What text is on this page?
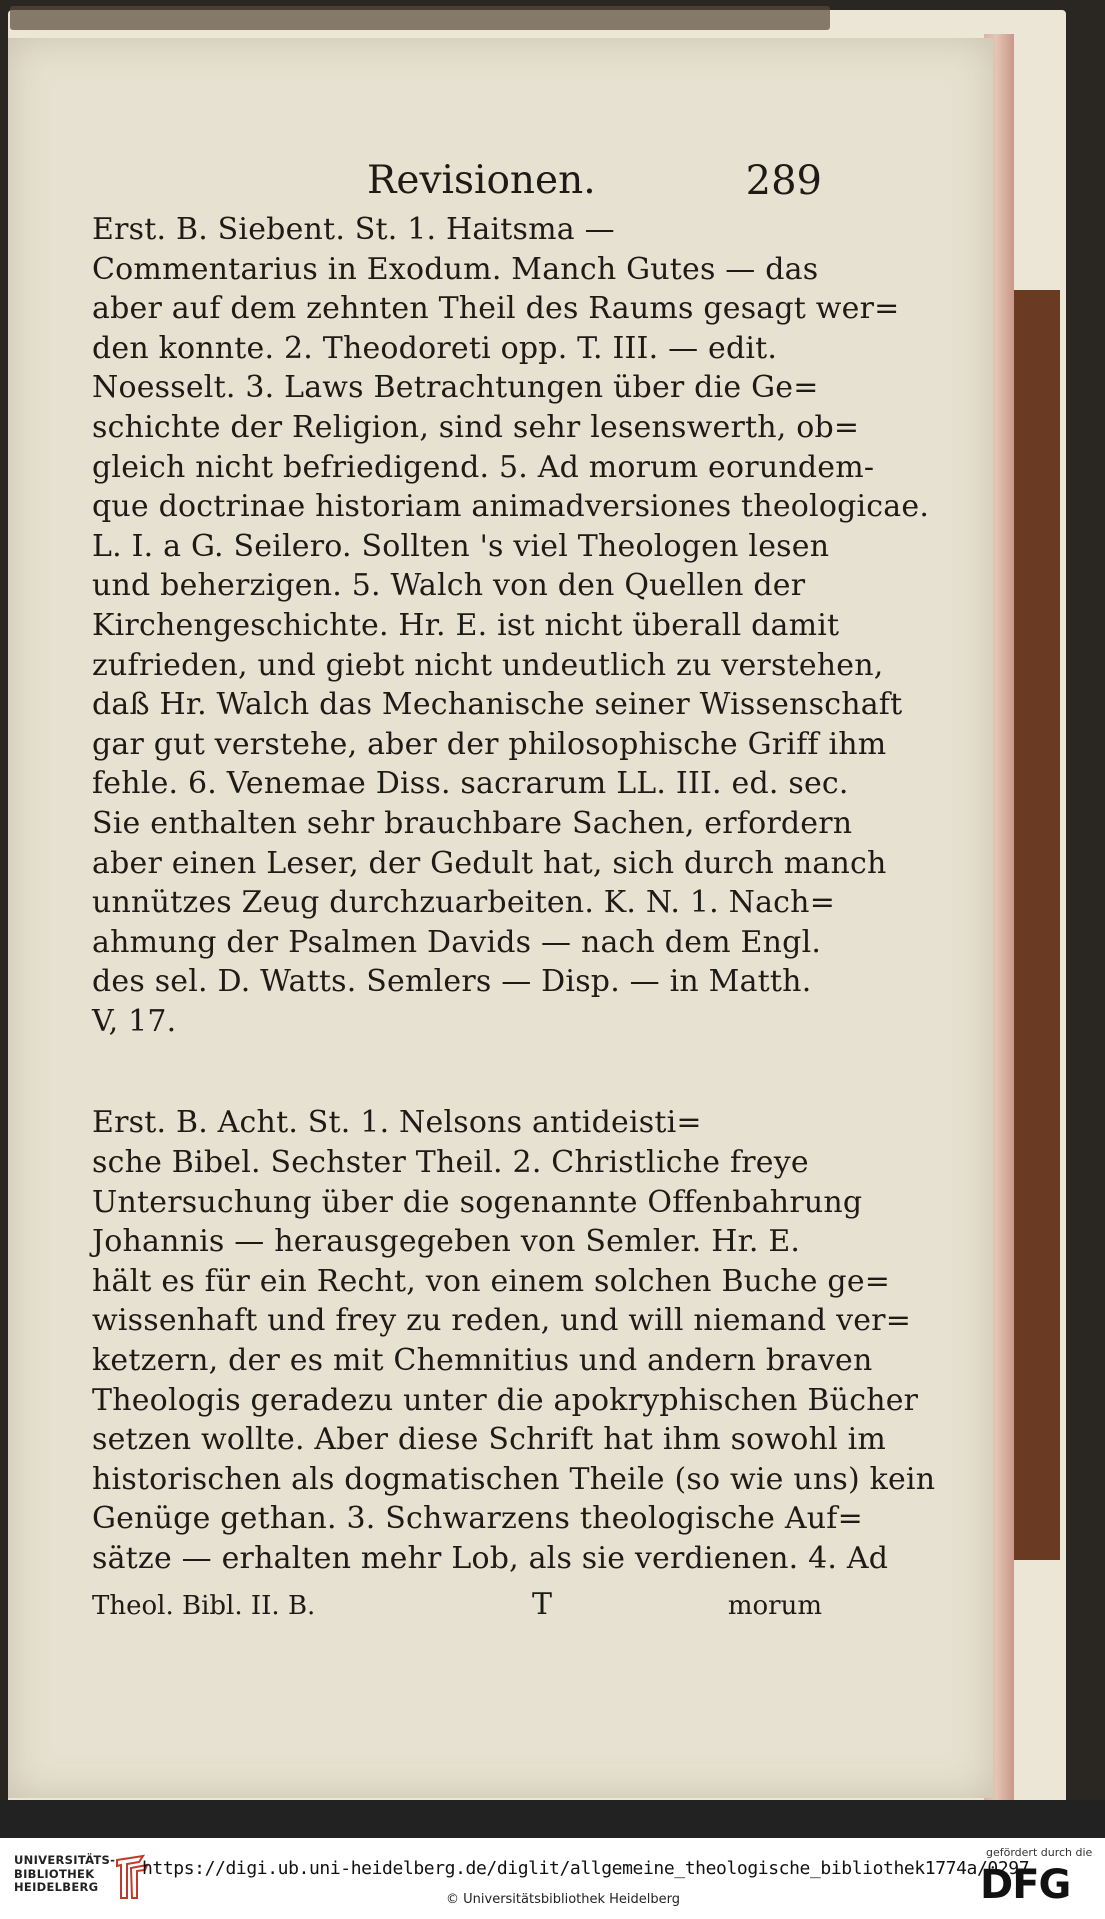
Revisionen.	289
Erst. B. Siebent. St. 1. Haitsma —
Commentarius in Exodum. Manch Gutes — das
aber auf dem zehnten Theil des Raums gesagt wer=
den konnte. 2. Theodoreti opp. T. III. — edit.
Noesselt. 3. Laws Betrachtungen über die Ge=
schichte der Religion, sind sehr lesenswerth, ob=
gleich nicht befriedigend. 5. Ad morum eorundem-
que doctrinae historiam animadversiones theologicae.
L. I. a G. Seilero. Sollten 's viel Theologen lesen
und beherzigen. 5. Walch von den Quellen der
Kirchengeschichte. Hr. E. ist nicht überall damit
zufrieden, und giebt nicht undeutlich zu verstehen,
daß Hr. Walch das Mechanische seiner Wissenschaft
gar gut verstehe, aber der philosophische Griff ihm
fehle. 6. Venemae Diss. sacrarum LL. III. ed. sec.
Sie enthalten sehr brauchbare Sachen, erfordern
aber einen Leser, der Gedult hat, sich durch manch
unnützes Zeug durchzuarbeiten. K. N. 1. Nach=
ahmung der Psalmen Davids — nach dem Engl.
des sel. D. Watts. Semlers — Disp. — in Matth.
V, 17.
Erst. B. Acht. St. 1. Nelsons antideisti=
sche Bibel. Sechster Theil. 2. Christliche freye
Untersuchung über die sogenannte Offenbahrung
Johannis — herausgegeben von Semler. Hr. E.
hält es für ein Recht, von einem solchen Buche ge=
wissenhaft und frey zu reden, und will niemand ver=
ketzern, der es mit Chemnitius und andern braven
Theologis geradezu unter die apokryphischen Bücher
setzen wollte. Aber diese Schrift hat ihm sowohl im
historischen als dogmatischen Theile (so wie uns) kein
Genüge gethan. 3. Schwarzens theologische Auf=
sätze — erhalten mehr Lob, als sie verdienen. 4. Ad
Theol. Bibl. II. B.	T	morum
UNIVERSITÄTS-
BIBLIOTHEK
HEIDELBERG
https://digi.ub.uni-heidelberg.de/diglit/allgemeine_theologische_bibliothek1774a/0297
© Universitätsbibliothek Heidelberg
gefördert durch die
DFG
